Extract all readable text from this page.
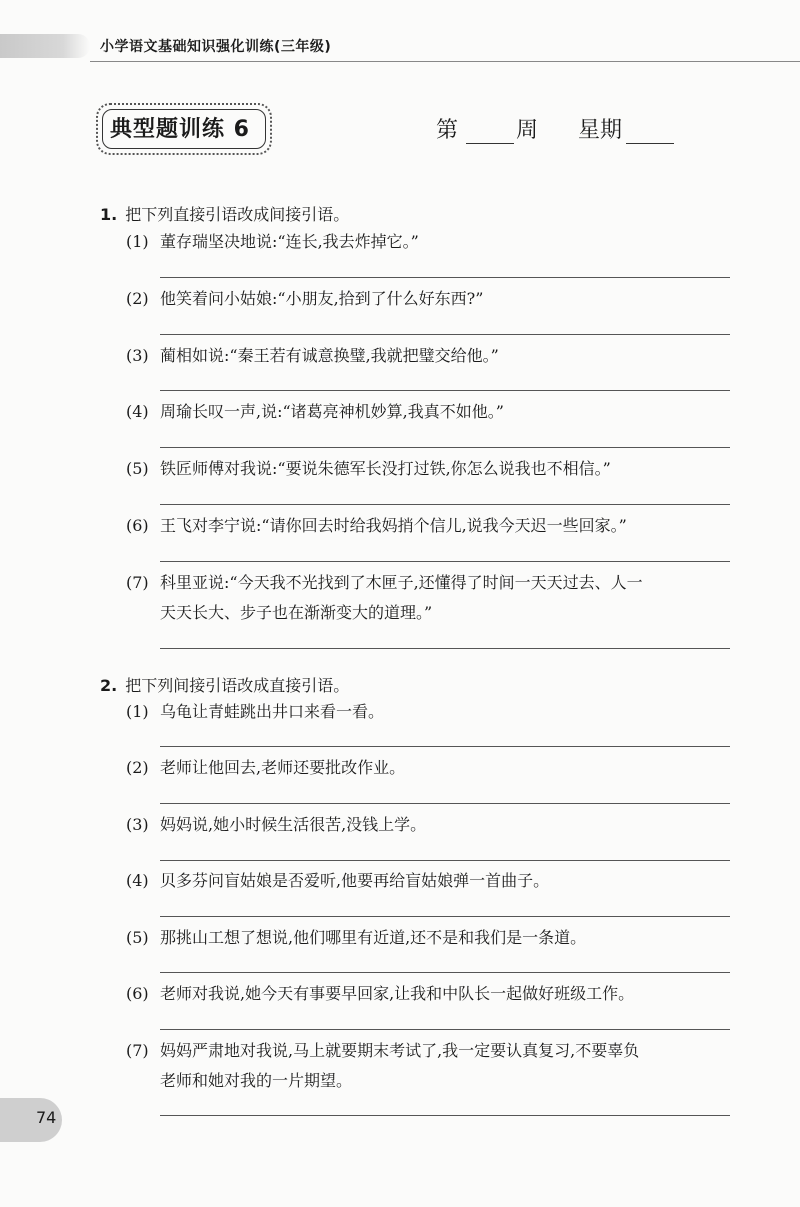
小学语文基础知识强化训练(三年级)
典型题训练 6	第	周 星期
1. 把下列直接引语改成间接引语。
(1) 董存瑞坚决地说:“连长,我去炸掉它。”
(2) 他笑着问小姑娘:“小朋友,拾到了什么好东西?”
(3) 蔺相如说:“秦王若有诚意换璧,我就把璧交给他。”
(4) 周瑜长叹一声,说:“诸葛亮神机妙算,我真不如他。”
(5) 铁匠师傅对我说:“要说朱德军长没打过铁,你怎么说我也不相信。”
(6) 王飞对李宁说:“请你回去时给我妈捎个信儿,说我今天迟一些回家。”
(7) 科里亚说:“今天我不光找到了木匣子,还懂得了时间一天天过去、人一
天天长大、步子也在渐渐变大的道理。”
2. 把下列间接引语改成直接引语。
(1) 乌龟让青蛙跳出井口来看一看。
(2) 老师让他回去,老师还要批改作业。
(3) 妈妈说,她小时候生活很苦,没钱上学。
(4) 贝多芬问盲姑娘是否爱听,他要再给盲姑娘弹一首曲子。
(5) 那挑山工想了想说,他们哪里有近道,还不是和我们是一条道。
(6) 老师对我说,她今天有事要早回家,让我和中队长一起做好班级工作。
(7) 妈妈严肃地对我说,马上就要期末考试了,我一定要认真复习,不要辜负
老师和她对我的一片期望。
74
